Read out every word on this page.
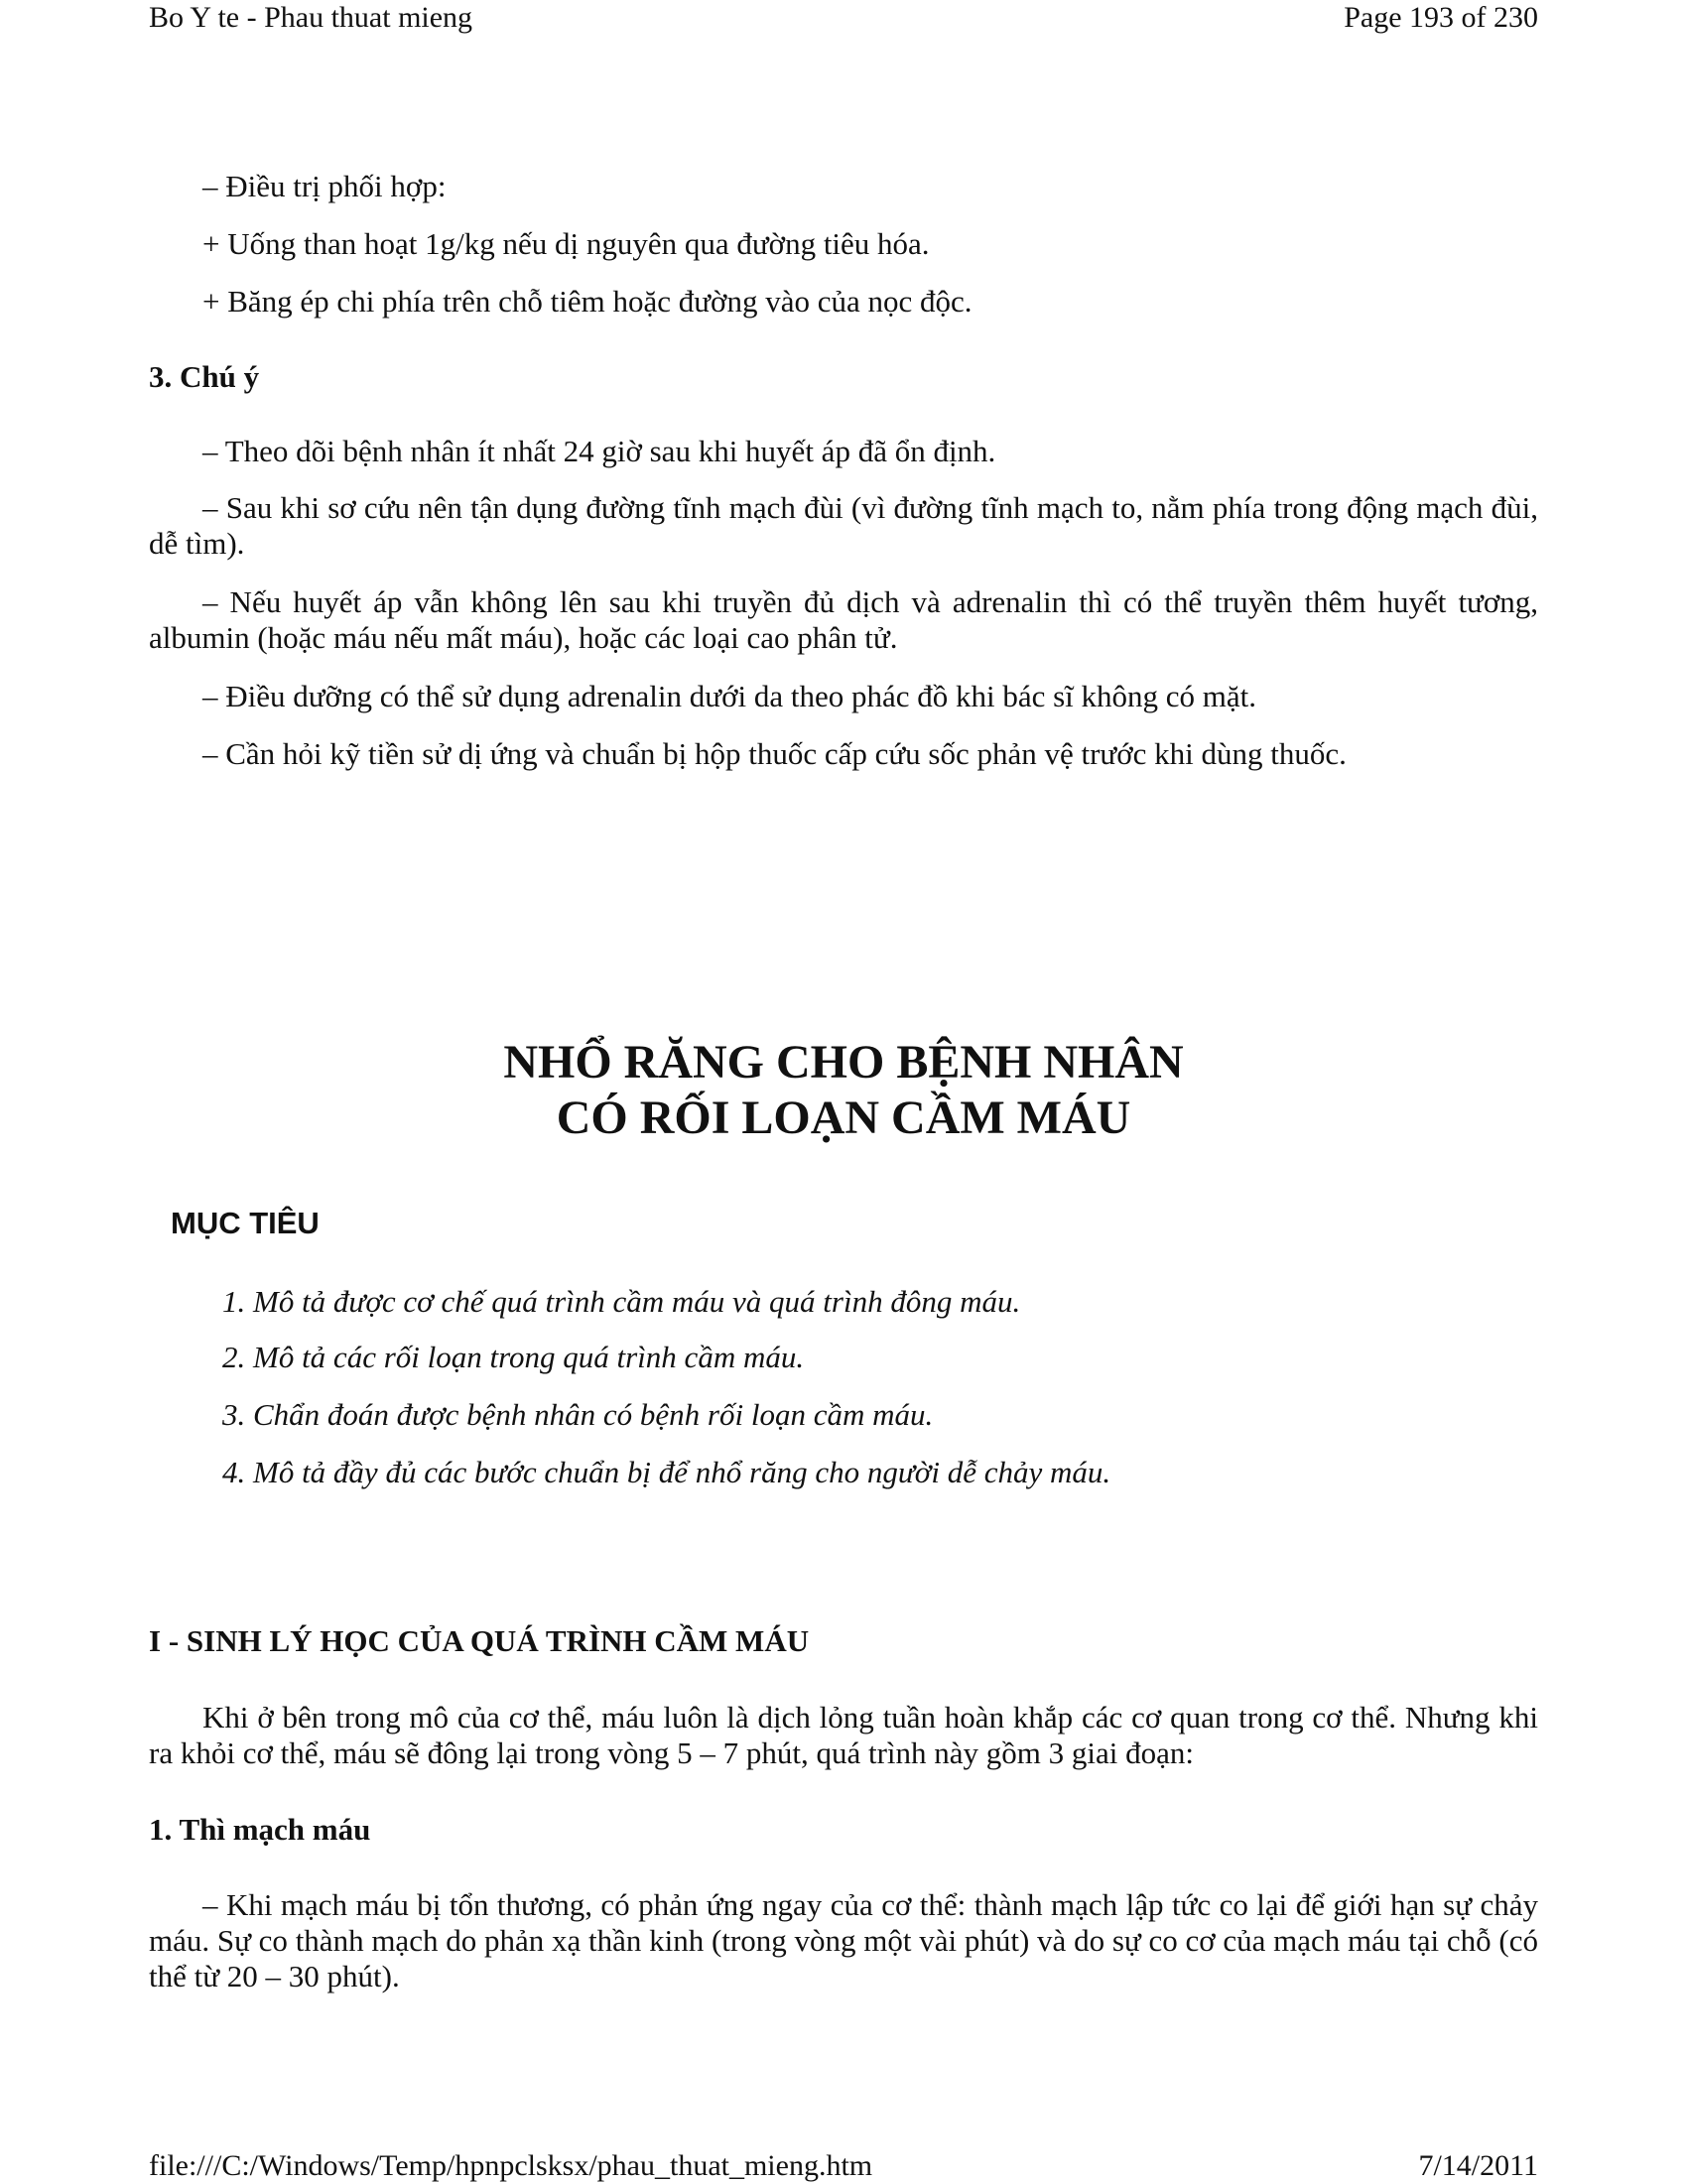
Bo Y te - Phau thuat mieng	Page 193 of 230

– Điều trị phối hợp:

+ Uống than hoạt 1g/kg nếu dị nguyên qua đường tiêu hóa.

+ Băng ép chi phía trên chỗ tiêm hoặc đường vào của nọc độc.

3. Chú ý

– Theo dõi bệnh nhân ít nhất 24 giờ sau khi huyết áp đã ổn định.

– Sau khi sơ cứu nên tận dụng đường tĩnh mạch đùi (vì đường tĩnh mạch to, nằm phía trong động mạch đùi, dễ tìm).

– Nếu huyết áp vẫn không lên sau khi truyền đủ dịch và adrenalin thì có thể truyền thêm huyết tương, albumin (hoặc máu nếu mất máu), hoặc các loại cao phân tử.

– Điều dưỡng có thể sử dụng adrenalin dưới da theo phác đồ khi bác sĩ không có mặt.

– Cần hỏi kỹ tiền sử dị ứng và chuẩn bị hộp thuốc cấp cứu sốc phản vệ trước khi dùng thuốc.

NHỔ RĂNG CHO BỆNH NHÂN

CÓ RỐI LOẠN CẦM MÁU

MỤC TIÊU

1. Mô tả được cơ chế quá trình cầm máu và quá trình đông máu.

2. Mô tả các rối loạn trong quá trình cầm máu.

3. Chẩn đoán được bệnh nhân có bệnh rối loạn cầm máu.

4. Mô tả đầy đủ các bước chuẩn bị để nhổ răng cho người dễ chảy máu.

I - SINH LÝ HỌC CỦA QUÁ TRÌNH CẦM MÁU

Khi ở bên trong mô của cơ thể, máu luôn là dịch lỏng tuần hoàn khắp các cơ quan trong cơ thể. Nhưng khi ra khỏi cơ thể, máu sẽ đông lại trong vòng 5 – 7 phút, quá trình này gồm 3 giai đoạn:

1. Thì mạch máu

– Khi mạch máu bị tổn thương, có phản ứng ngay của cơ thể: thành mạch lập tức co lại để giới hạn sự chảy máu. Sự co thành mạch do phản xạ thần kinh (trong vòng một vài phút) và do sự co cơ của mạch máu tại chỗ (có thể từ 20 – 30 phút).

file:///C:/Windows/Temp/hpnpclsksx/phau_thuat_mieng.htm	7/14/2011
